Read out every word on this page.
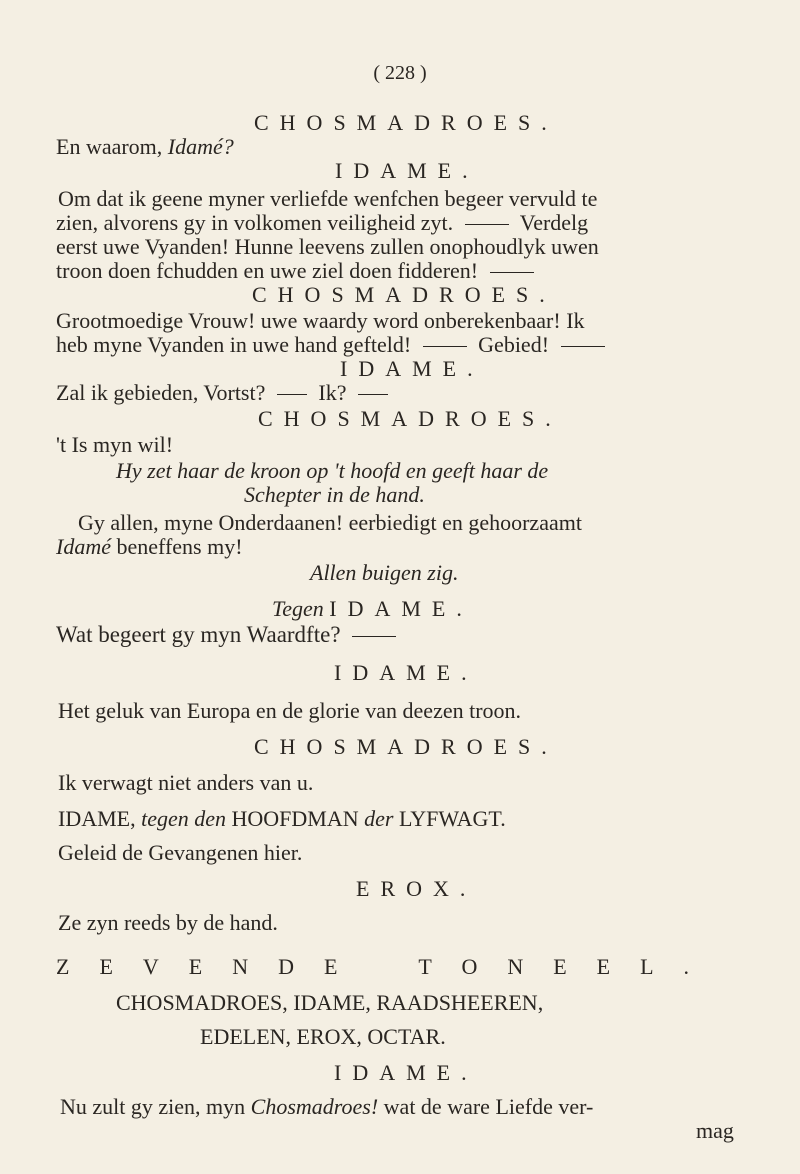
( 228 )
CHOSMADROES.
En waarom, Idamé?
IDAME.
Om dat ik geene myner verliefde wenfchen begeer vervuld te
zien, alvorens gy in volkomen veiligheid zyt.	Verdelg
eerst uwe Vyanden! Hunne leevens zullen onophoudlyk uwen
troon doen fchudden en uwe ziel doen fidderen!
CHOSMADROES.
Grootmoedige Vrouw! uwe waardy word onberekenbaar! Ik
heb myne Vyanden in uwe hand gefteld!	Gebied!
IDAME.
Zal ik gebieden, Vortst? Ik?
CHOSMADROES.
't Is myn wil!
Hy zet haar de kroon op 't hoofd en geeft haar de
Schepter in de hand.
Gy allen, myne Onderdaanen! eerbiedigt en gehoorzaamt
Idamé beneffens my!
Allen buigen zig.
Tegen IDAME.
Wat begeert gy myn Waardfte?
IDAME.
Het geluk van Europa en de glorie van deezen troon.
CHOSMADROES.
Ik verwagt niet anders van u.
IDAME, tegen den HOOFDMAN der LYFWAGT.
Geleid de Gevangenen hier.
EROX.
Ze zyn reeds by de hand.
ZEVENDE TONEEL.
CHOSMADROES, IDAME, RAADSHEEREN,
EDELEN, EROX, OCTAR.
IDAME.
Nu zult gy zien, myn Chosmadroes! wat de ware Liefde ver-
mag
